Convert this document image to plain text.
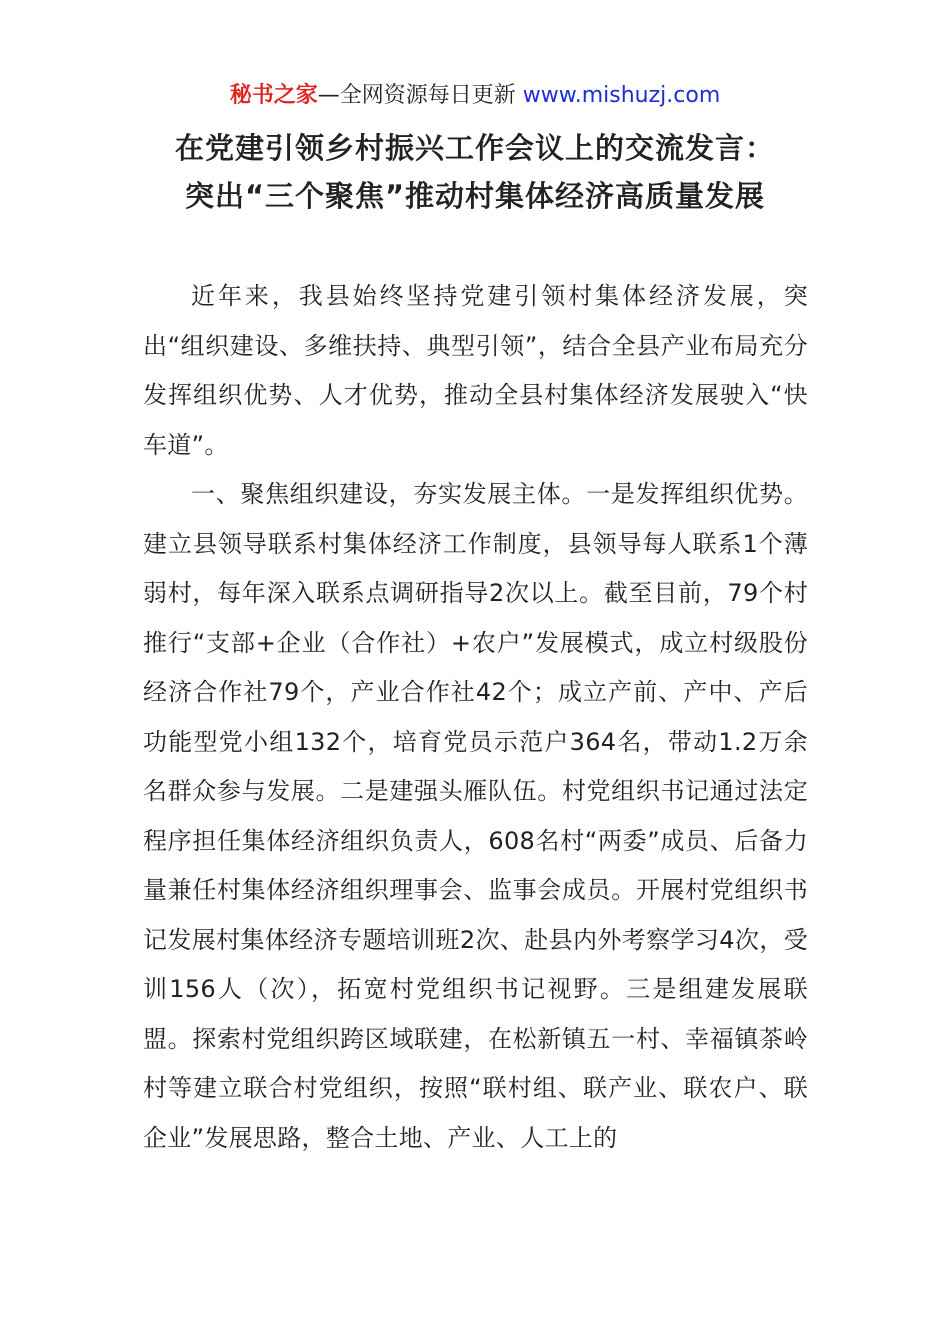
秘书之家—全网资源每日更新 www.mishuzj.com
在党建引领乡村振兴工作会议上的交流发言：
突出“三个聚焦”推动村集体经济高质量发展

近年来，我县始终坚持党建引领村集体经济发展，突出“组织建设、多维扶持、典型引领”，结合全县产业布局充分发挥组织优势、人才优势，推动全县村集体经济发展驶入“快车道”。

一、聚焦组织建设，夯实发展主体。一是发挥组织优势。建立县领导联系村集体经济工作制度，县领导每人联系1个薄弱村，每年深入联系点调研指导2次以上。截至目前，79个村推行“支部+企业（合作社）+农户”发展模式，成立村级股份经济合作社79个，产业合作社42个；成立产前、产中、产后功能型党小组132个，培育党员示范户364名，带动1.2万余名群众参与发展。二是建强头雁队伍。村党组织书记通过法定程序担任集体经济组织负责人，608名村“两委”成员、后备力量兼任村集体经济组织理事会、监事会成员。开展村党组织书记发展村集体经济专题培训班2次、赴县内外考察学习4次，受训156人（次），拓宽村党组织书记视野。三是组建发展联盟。探索村党组织跨区域联建，在松新镇五一村、幸福镇茶岭村等建立联合村党组织，按照“联村组、联产业、联农户、联企业”发展思路，整合土地、产业、人工上的
